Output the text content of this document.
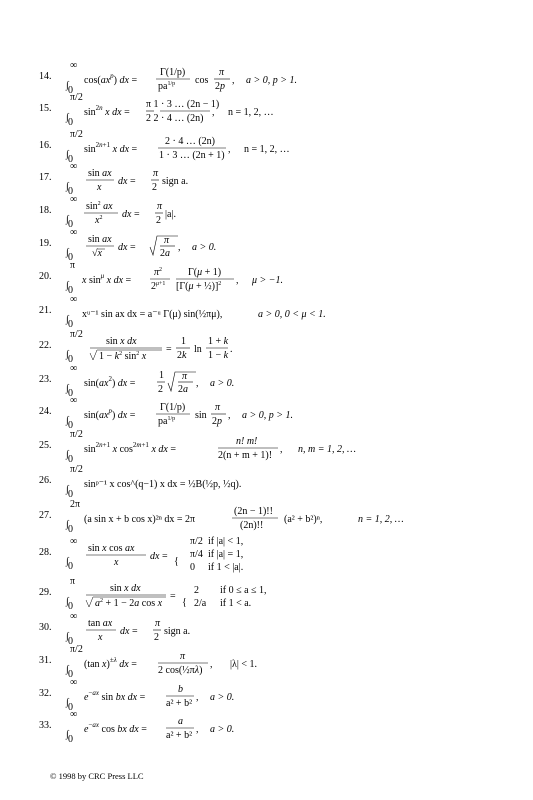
14.
∫
∞
0
$\cos(ax^p)$ dx =
Γ(1/p)
$pa^{1/p}$ cos
π
2p
, a > 0, p > 1.
15.
∫
π/2
0
$\sin^{2n} x$ dx =
π 1 · 3 … (2n − 1)
2 2 · 4 … (2n)
, n = 1, 2, …
16.
∫
π/2
0
$\sin^{2n+1} x$ dx =
2 · 4 … (2n)
1 · 3 … (2n + 1)
, n = 1, 2, …
17.
∫
∞
0
sin ax
x
dx =
π
2
sign a.
18.
∫
∞
0
$\sin^2$ ax
$x^2$ dx =
π
2
|a|.
19.
∫
∞
0
sin ax
√x
dx =
π
2a
, a > 0.
20.
∫
π
0
x $\sin^\mu x$ dx =
$\pi^2$
$2^\mu+1$
Γ(μ + 1)
[Γ(μ + ½)]$^2$ , μ > −1.
21.
∫
∞
0
xᵘ⁻¹ sin ax dx = a⁻ᵘ Γ(μ) sin(½πμ),	a > 0, 0 < μ < 1.
22.
∫
π/2
0
sin x dx
$1 - k^2$ $\sin^2 x$
=
1
2k
ln
1 + k
1 − k
.
23.
∫
∞
0
$\sin(ax^2)$ dx =
1
2
π
2a
, a > 0.
24.
∫
∞
0
$\sin(ax^p)$ dx =
Γ(1/p)
$pa^{1/p}$ sin
π
2p
, a > 0, p > 1.
25.
∫
π/2
0
$\sin^{2n+1} x$ $\cos^{2m+1} x$ dx =
n! m!
2(n + m + 1)!
, n, m = 1, 2, …
26.
∫
π/2
0
sinᵖ⁻¹ x cos^(q−1) x dx = ½B(½p, ½q).
27.
∫
2π
0
(a sin x + b cos x)²ⁿ dx = 2π
(2n − 1)!!
(2n)!!
(a² + b²)ⁿ,	n = 1, 2, …
28.
∫
∞
0
sin x cos ax
x
dx = {
π/2 if |a| < 1,
π/4 if |a| = 1,
0 if 1 < |a|.
29.
∫
π
0
sin x dx
$a^2 + 1 - 2a$ cos x
=
{
2 if 0 ≤ a ≤ 1,
2/a if 1 < a.
30.
∫
∞
0
tan ax
x
dx =
π
2
sign a.
31.
∫
π/2
0
(tan x)$^{\pm\lambda}$ dx =
π
2 cos(½πλ)
, |λ| < 1.
32.
∫
∞
0
$e^{-ax}$ sin bx dx =
b
a² + b²
, a > 0.
33.
∫
∞
0
$e^{-ax}$ cos bx dx =
a
a² + b²
, a > 0.
© 1998 by CRC Press LLC
